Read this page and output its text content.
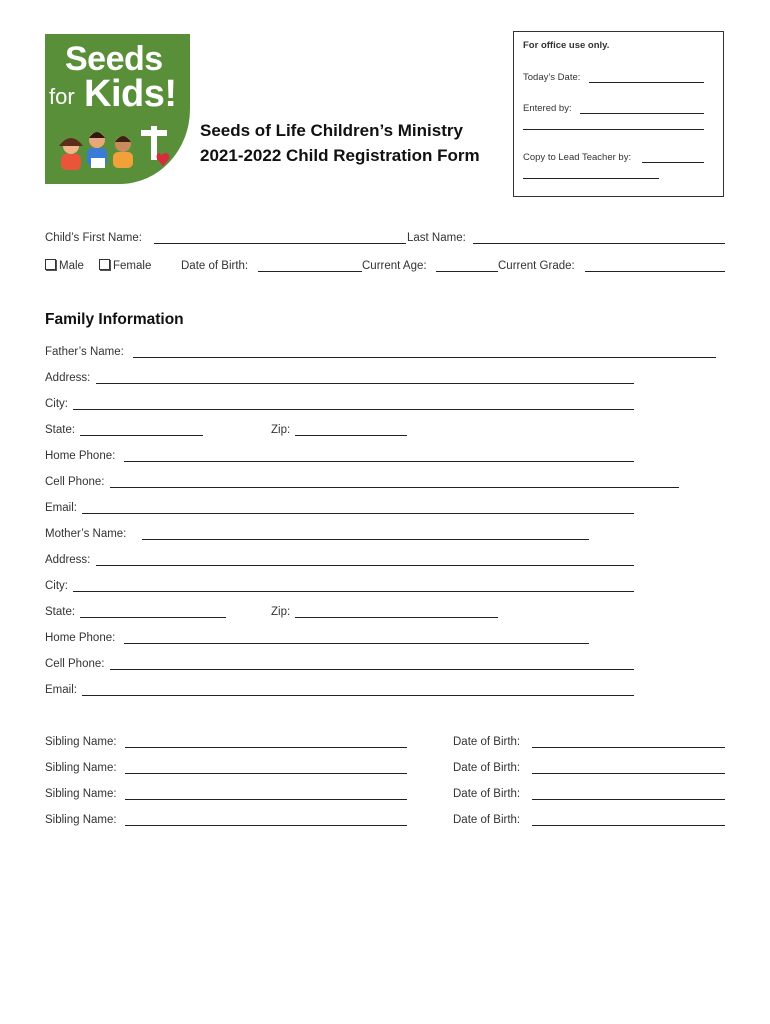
Seeds
for Kids!
Seeds of Life Children’s Ministry
2021-2022 Child Registration Form
For office use only.
Today’s Date:
Entered by:
Copy to Lead Teacher by:
Child’s First Name:	Last Name:
Male	Female	Date of Birth:	Current Age:	Current Grade:
Family Information
Father’s Name:
Address:
City:
State:	Zip:
Home Phone:
Cell Phone:
Email:
Mother’s Name:
Address:
City:
State:	Zip:
Home Phone:
Cell Phone:
Email:
Sibling Name:	Date of Birth:
Sibling Name:	Date of Birth:
Sibling Name:	Date of Birth:
Sibling Name:	Date of Birth:
